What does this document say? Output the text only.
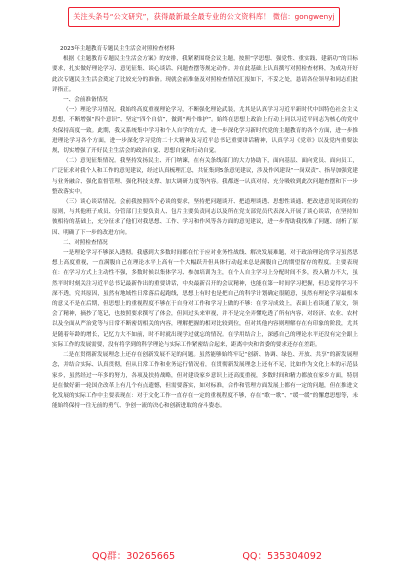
关注头条号“公文研究”，获得最新最全最专业的公文资料库！ 微信：gongwenyj

2023年主题教育专题民主生活会对照检查材料

根据《主题教育专题民主生活会方案》的安排，我紧紧围绕会议主题，按照“学思想、强党性、重实践、建新功”的目标要求，扎实做好理论学习、意见征集、谈心谈话、问题查摆等规定动作。并在此基础上认真撰写对照检查材料，为成功开好此次专题民主生活会奠定了比较充分的准备。现就会前准备及对照检查情况汇报如下，不妥之处，恳请各位领导和同志们批评指正。

一、会前准备情况

（一）理论学习情况。我始终高度重视理论学习，不断强化理论武装，尤其是认真学习习近平新时代中国特色社会主义思想，不断增强“四个意识”、坚定“四个自信”，做到“两个维护”。始终在思想上政治上行动上同以习近平同志为核心的党中央保持高度一致。此期，我又系统集中学习和个人自学的方式，进一步深化学习新时代党的主题教育的各个方面，进一步推进理论学习各个方面，进一步深化学习党的二十大精神及习近平总书记重要讲话精神，认真学习《党章》以及党内重要法规，切实增强了开好民主生活会的政治自觉、思想自觉和行动自觉。

（二）意见征集情况。我坚持发扬民主、开门纳谏，在有关条线部门的大力协助下，面向基层、面向党员、面向员工，广泛征求对我个人和工作的意见建议，经过认真梳理汇总，共征集到5条意见建议，涉及作风建设“一岗双责”、指导加强党建与业务融合、强化监督管理、强化科技支撑、加大调研力度等内容。我都逐一认真对待、充分吸收到此次问题查摆和下一步整改落实中。

（三）谈心谈话情况。会前我按照四个必谈的要求，坚持把问题谈开、把道理谈透、思想性谈通、把改进意见谈到位的原则，与其他班子成员、分管部门主要负责人、包片主要负责同志以及所在党支部党员代表深入开展了谈心谈话，在坚持知彼相待的基础上，充分征求了他们对我思想、工作、学习和作风等各方面的意见建议，进一步帮助我找准了问题、剖析了原因、明确了下一步的改进方向。

二、对照检查情况

一是理论学习不够深入透彻。我感到大多数时间都在忙于应对业务性战线、解决发展难题，对于政治理论的学习虽然思想上高度重视，一直满腹自己在理论水平上高有一个大幅跃升但具体行动起来总是满腹自己的期望留存的程度。主要表现在：在学习方式上主动性不强，多数时候以集体学习、参加培训为主，在个人自主学习上分配时间不多，投入精力不大，虽然平时时刻关注习近平总书记最新作出的重要讲话，中央最新召开的会议精神，也能在第一时间学习把握，但总觉得学习不深不透，究其原因，虽然有地域性日常落后起跑线，思想上有时也是把自己的科学计划确定很随意，虽然有理论学习最根本的意义不是在后期，但思想上的重视程度不够在于自身对工作和学习上做的不够：在学习成效上，表面上看读通了原文，领会了精神，摘抄了笔记，也按照要求撰写了体会，但回过头来审视，并不是完全弄懂吃透了所有内容，对经济、农业、农村以及全面从严治党等与日常不断密切相关的内容，理解把握的相对比较到位，但对其他内容则理解存在有印象的阶段，尤其是随着年龄的增长，记忆力大不如前，时不时就出现学过就忘的情况。在学用结合上，深感自己的理论水平还没有完全跟上实际工作的发展需要，没有将学到的科学理论与实际工作紧密结合起来，距离中央和省委的要求还存在差距。

二是在贯彻新发展理念上还存在创新发展不足的问题。虽然能够始终牢记“创新、协调、绿色、开放、共享”的新发展理念，并结合实际、认真贯彻，但从日常工作和业务运行情况看，在贯彻新发展理念上还有不足，比如作为文化上本的示范县家乡，虽然经过一年多的努力，各项及扶持战略，但对建设家乡意识上还高度重视，多数时间和精力都放在家乡方面，特别是在做好新一轮国企改革上有几个有点遗憾，但需要落实，如对标准，合作和管理方面发展上都有一定的问题，但在推进文化发展的实际工作中主要表现在：对于文化工作一直存在一定的重视程度不够，存在“歌一歌”、“缓一缓”的懈怠思想等，未能始终保持一往无前的勇气、争创一流的决心和创新进取的奋斗姿态。

QQ群：30265665	QQ：535304092
